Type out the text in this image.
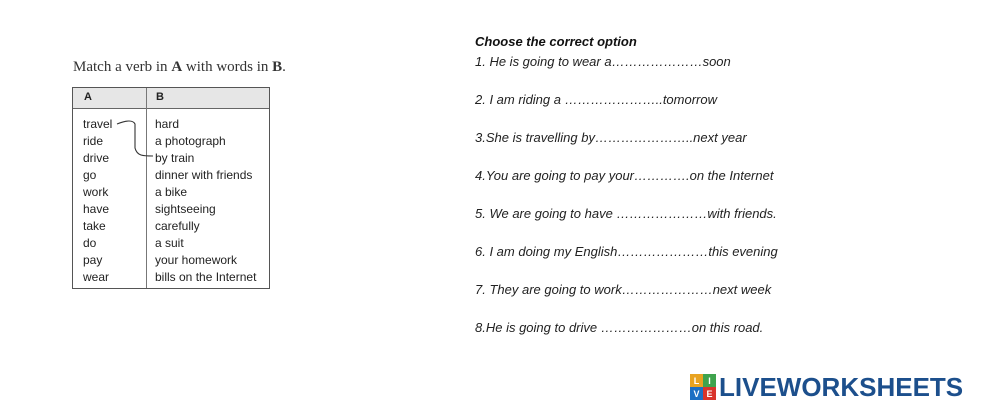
Match a verb in A with words in B.
A	B
travel
ride
drive
go
work
have
take
do
pay
wear
hard
a photograph
by train
dinner with friends
a bike
sightseeing
carefully
a suit
your homework
bills on the Internet
Choose the correct option
1. He is going to wear a…………………soon
2. I am riding a …………………..tomorrow
3.She is travelling by…………………..next year
4.You are going to pay your………….on the Internet
5. We are going to have …………………with friends.
6. I am doing my English…………………this evening
7. They are going to work…………………next week
8.He is going to drive …………………on this road.
L I
V E LIVEWORKSHEETS
